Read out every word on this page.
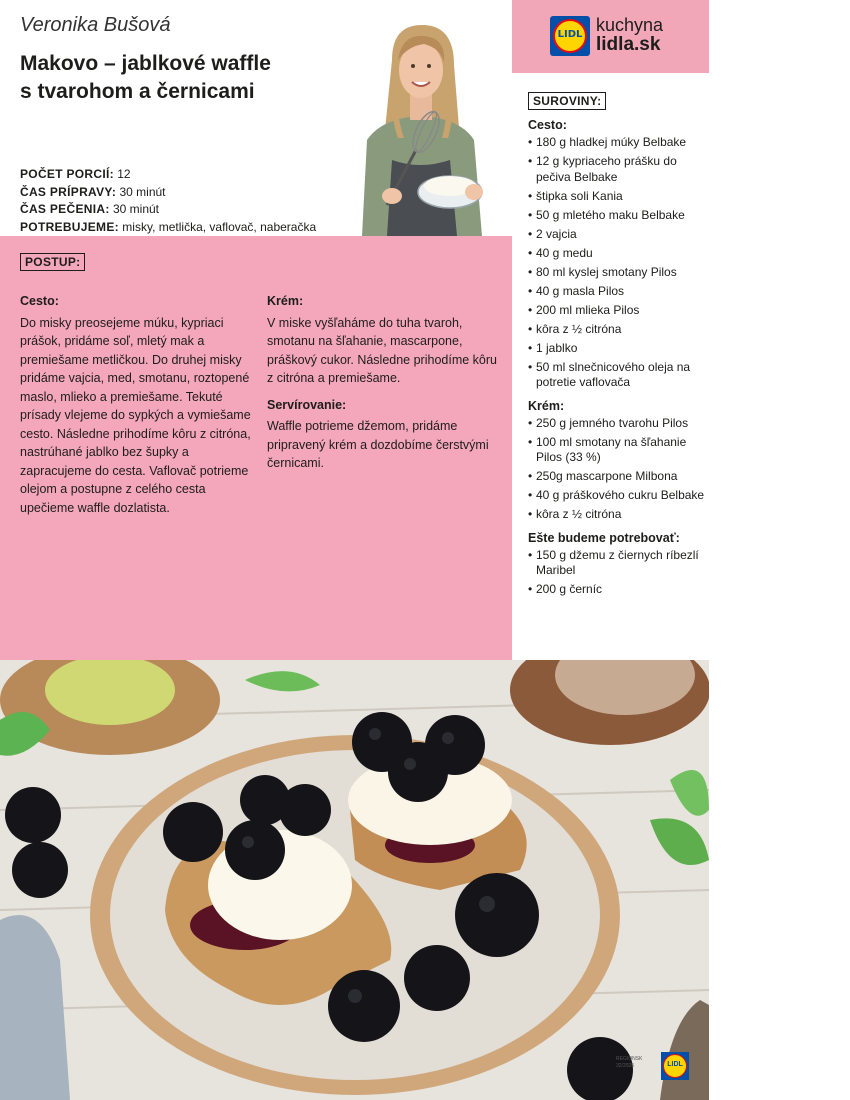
Veronika Bušová
Makovo – jablkové waffle
s tvarohom a černicami
POČET PORCIÍ: 12
ČAS PRÍPRAVY: 30 minút
ČAS PEČENIA: 30 minút
POTREBUJEME: misky, metlička, vaflovač, naberačka
LIDL kuchyna
lidla.sk
SUROVINY:
Cesto:
• 180 g hladkej múky Belbake
• 12 g kypriaceho prášku do pečiva Belbake
• štipka soli Kania
• 50 g mletého maku Belbake
• 2 vajcia
• 40 g medu
• 80 ml kyslej smotany Pilos
• 40 g masla Pilos
• 200 ml mlieka Pilos
• kôra z ½ citróna
• 1 jablko
• 50 ml slnečnicového oleja na potretie vaflovača
Krém:
• 250 g jemného tvarohu Pilos
• 100 ml smotany na šľahanie Pilos (33 %)
• 250g mascarpone Milbona
• 40 g práškového cukru Belbake
• kôra z ½ citróna
Ešte budeme potrebovať:
• 150 g džemu z čiernych ríbezlí Maribel
• 200 g černíc
POSTUP:
Cesto:

Do misky preosejeme múku, kypriaci prášok, pridáme soľ, mletý mak a premiešame metličkou. Do druhej misky pridáme vajcia, med, smotanu, roztopené maslo, mlieko a premiešame. Tekuté prísady vlejeme do sypkých a vymiešame cesto. Následne prihodíme kôru z citróna, nastrúhané jablko bez šupky a zapracujeme do cesta. Vaflovač potrieme olejom a postupne z celého cesta upečieme waffle dozlatista.

Krém:

V miske vyšľaháme do tuha tvaroh, smotanu na šľahanie, mascarpone, práškový cukor. Následne prihodíme kôru z citróna a premiešame.

Servírovanie:

Waffle potrieme džemom, pridáme pripravený krém a dozdobíme čerstvými černicami.

REGIONSK
32/2025	LIDL
